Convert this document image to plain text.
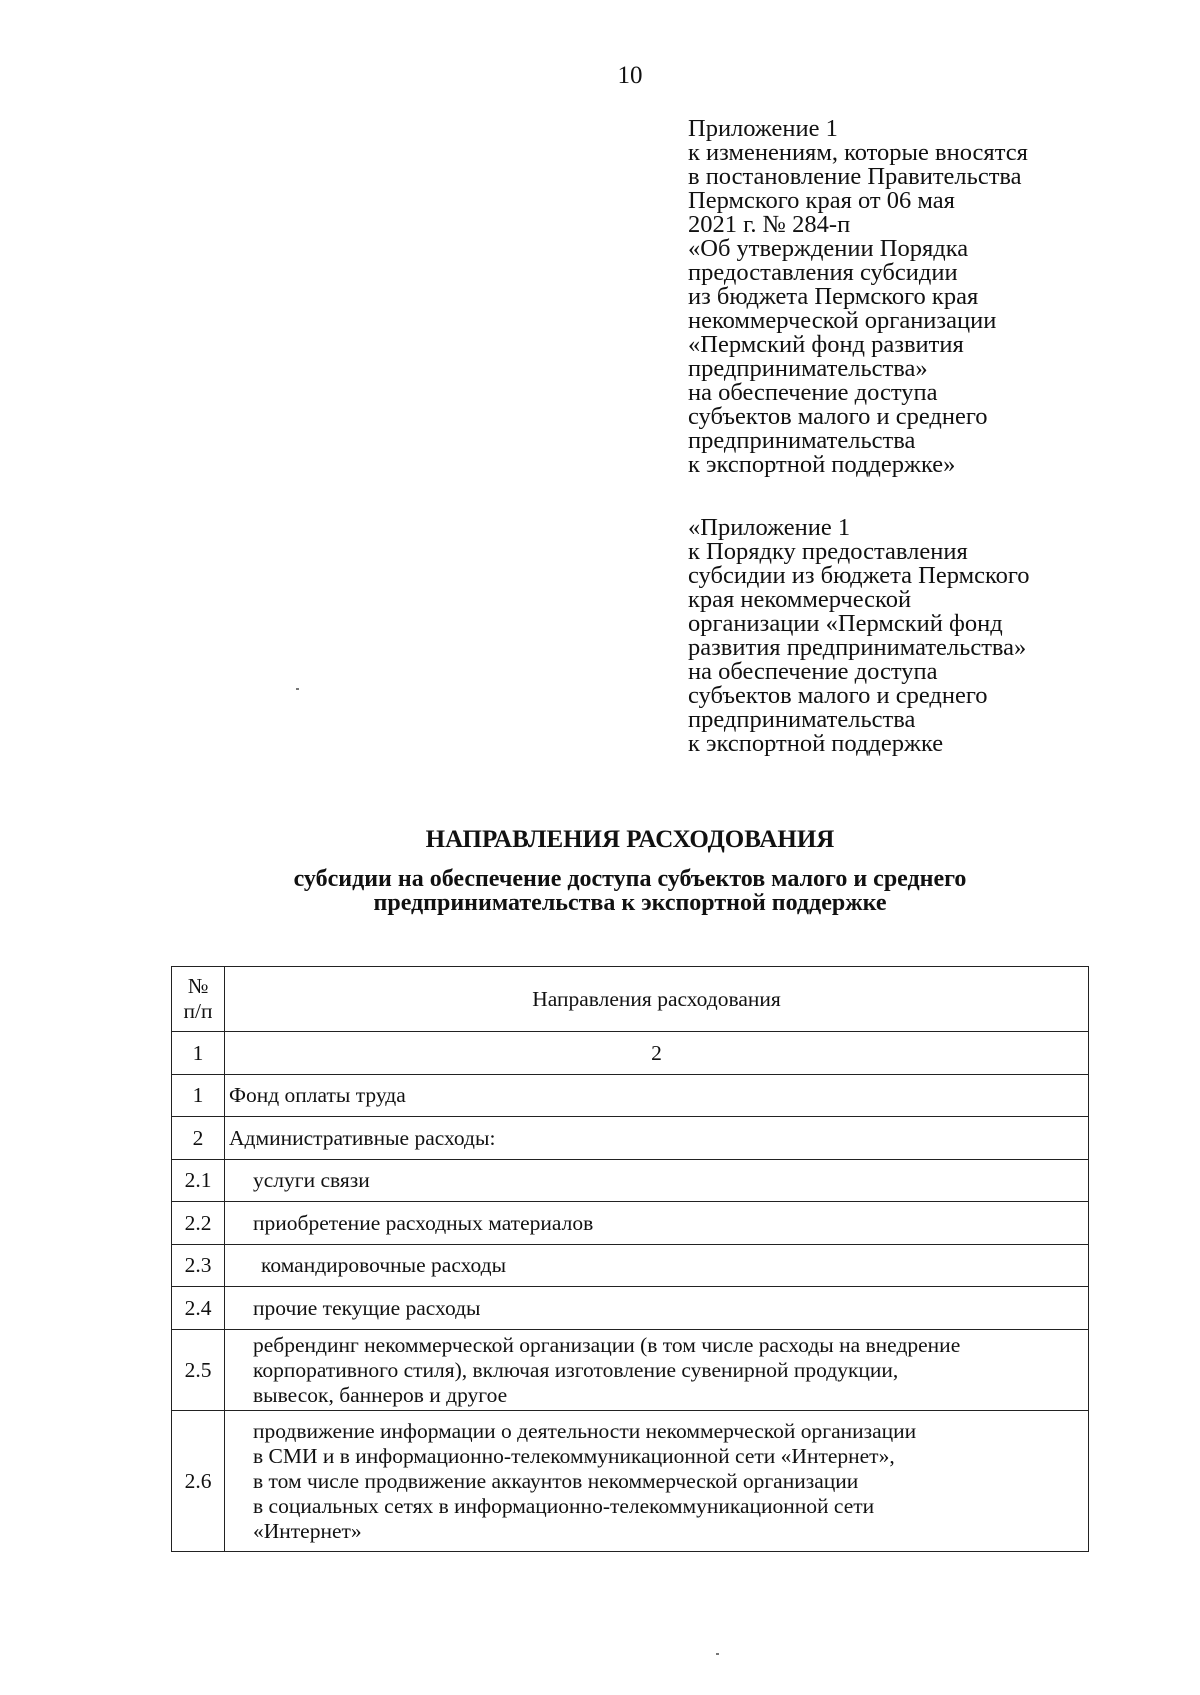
10
Приложение 1
к изменениям, которые вносятся
в постановление Правительства
Пермского края от 06 мая
2021 г. № 284-п
«Об утверждении Порядка
предоставления субсидии
из бюджета Пермского края
некоммерческой организации
«Пермский фонд развития
предпринимательства»
на обеспечение доступа
субъектов малого и среднего
предпринимательства
к экспортной поддержке»
«Приложение 1
к Порядку предоставления
субсидии из бюджета Пермского
края некоммерческой
организации «Пермский фонд
развития предпринимательства»
на обеспечение доступа
субъектов малого и среднего
предпринимательства
к экспортной поддержке
НАПРАВЛЕНИЯ РАСХОДОВАНИЯ
субсидии на обеспечение доступа субъектов малого и среднего
предпринимательства к экспортной поддержке
№
п/п	Направления расходования
1	2
1	Фонд оплаты труда
2	Административные расходы:
2.1	услуги связи
2.2	приобретение расходных материалов
2.3	командировочные расходы
2.4	прочие текущие расходы
2.5	ребрендинг некоммерческой организации (в том числе расходы на внедрение
корпоративного стиля), включая изготовление сувенирной продукции,
вывесок, баннеров и другое

2.6	продвижение информации о деятельности некоммерческой организации
в СМИ и в информационно-телекоммуникационной сети «Интернет»,
в том числе продвижение аккаунтов некоммерческой организации
в социальных сетях в информационно-телекоммуникационной сети
«Интернет»
